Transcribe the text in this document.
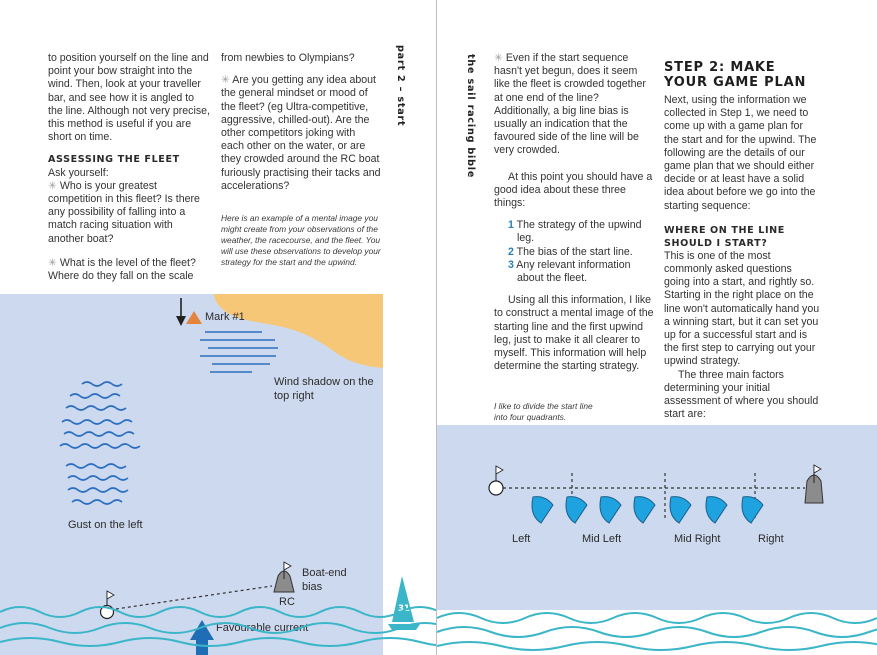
to position yourself on the line and point your bow straight into the wind. Then, look at your traveller bar, and see how it is angled to the line. Although not very precise, this method is useful if you are short on time.

ASSESSING THE FLEET

Ask yourself:

✳ Who is your greatest competition in this fleet? Is there any possibility of falling into a match racing situation with another boat?

✳ What is the level of the fleet? Where do they fall on the scale

from newbies to Olympians?

✳ Are you getting any idea about the general mindset or mood of the fleet? (eg Ultra-competitive, aggressive, chilled-out). Are the other competitors joking with each other on the water, or are they crowded around the RC boat furiously practising their tacks and accelerations?

Here is an example of a mental image you might create from your observations of the weather, the racecourse, and the fleet. You will use these observations to develop your strategy for the start and the upwind.

part 2 – start
Mark #1
Wind shadow on the top right
Gust on the left
Boat-end bias
RC
Favourable current
31
the sail racing bible ✳ Even if the start sequence hasn't yet begun, does it seem like the fleet is crowded together at one end of the line? Additionally, a big line bias is usually an indication that the favoured side of the line will be very crowded.

At this point you should have a good idea about these three things:

1 The strategy of the upwind leg.

2 The bias of the start line.

3 Any relevant information about the fleet.

Using all this information, I like to construct a mental image of the starting line and the first upwind leg, just to make it all clearer to myself. This information will help determine the starting strategy.

I like to divide the start line into four quadrants.

STEP 2: MAKE YOUR GAME PLAN

Next, using the information we collected in Step 1, we need to come up with a game plan for the start and for the upwind. The following are the details of our game plan that we should either decide or at least have a solid idea about before we go into the starting sequence:

WHERE ON THE LINE SHOULD I START?

This is one of the most commonly asked questions going into a start, and rightly so. Starting in the right place on the line won't automatically hand you a winning start, but it can set you up for a successful start and is the first step to carrying out your upwind strategy.

The three main factors determining your initial assessment of where you should start are:

Left	Mid Left	Mid Right	Right
